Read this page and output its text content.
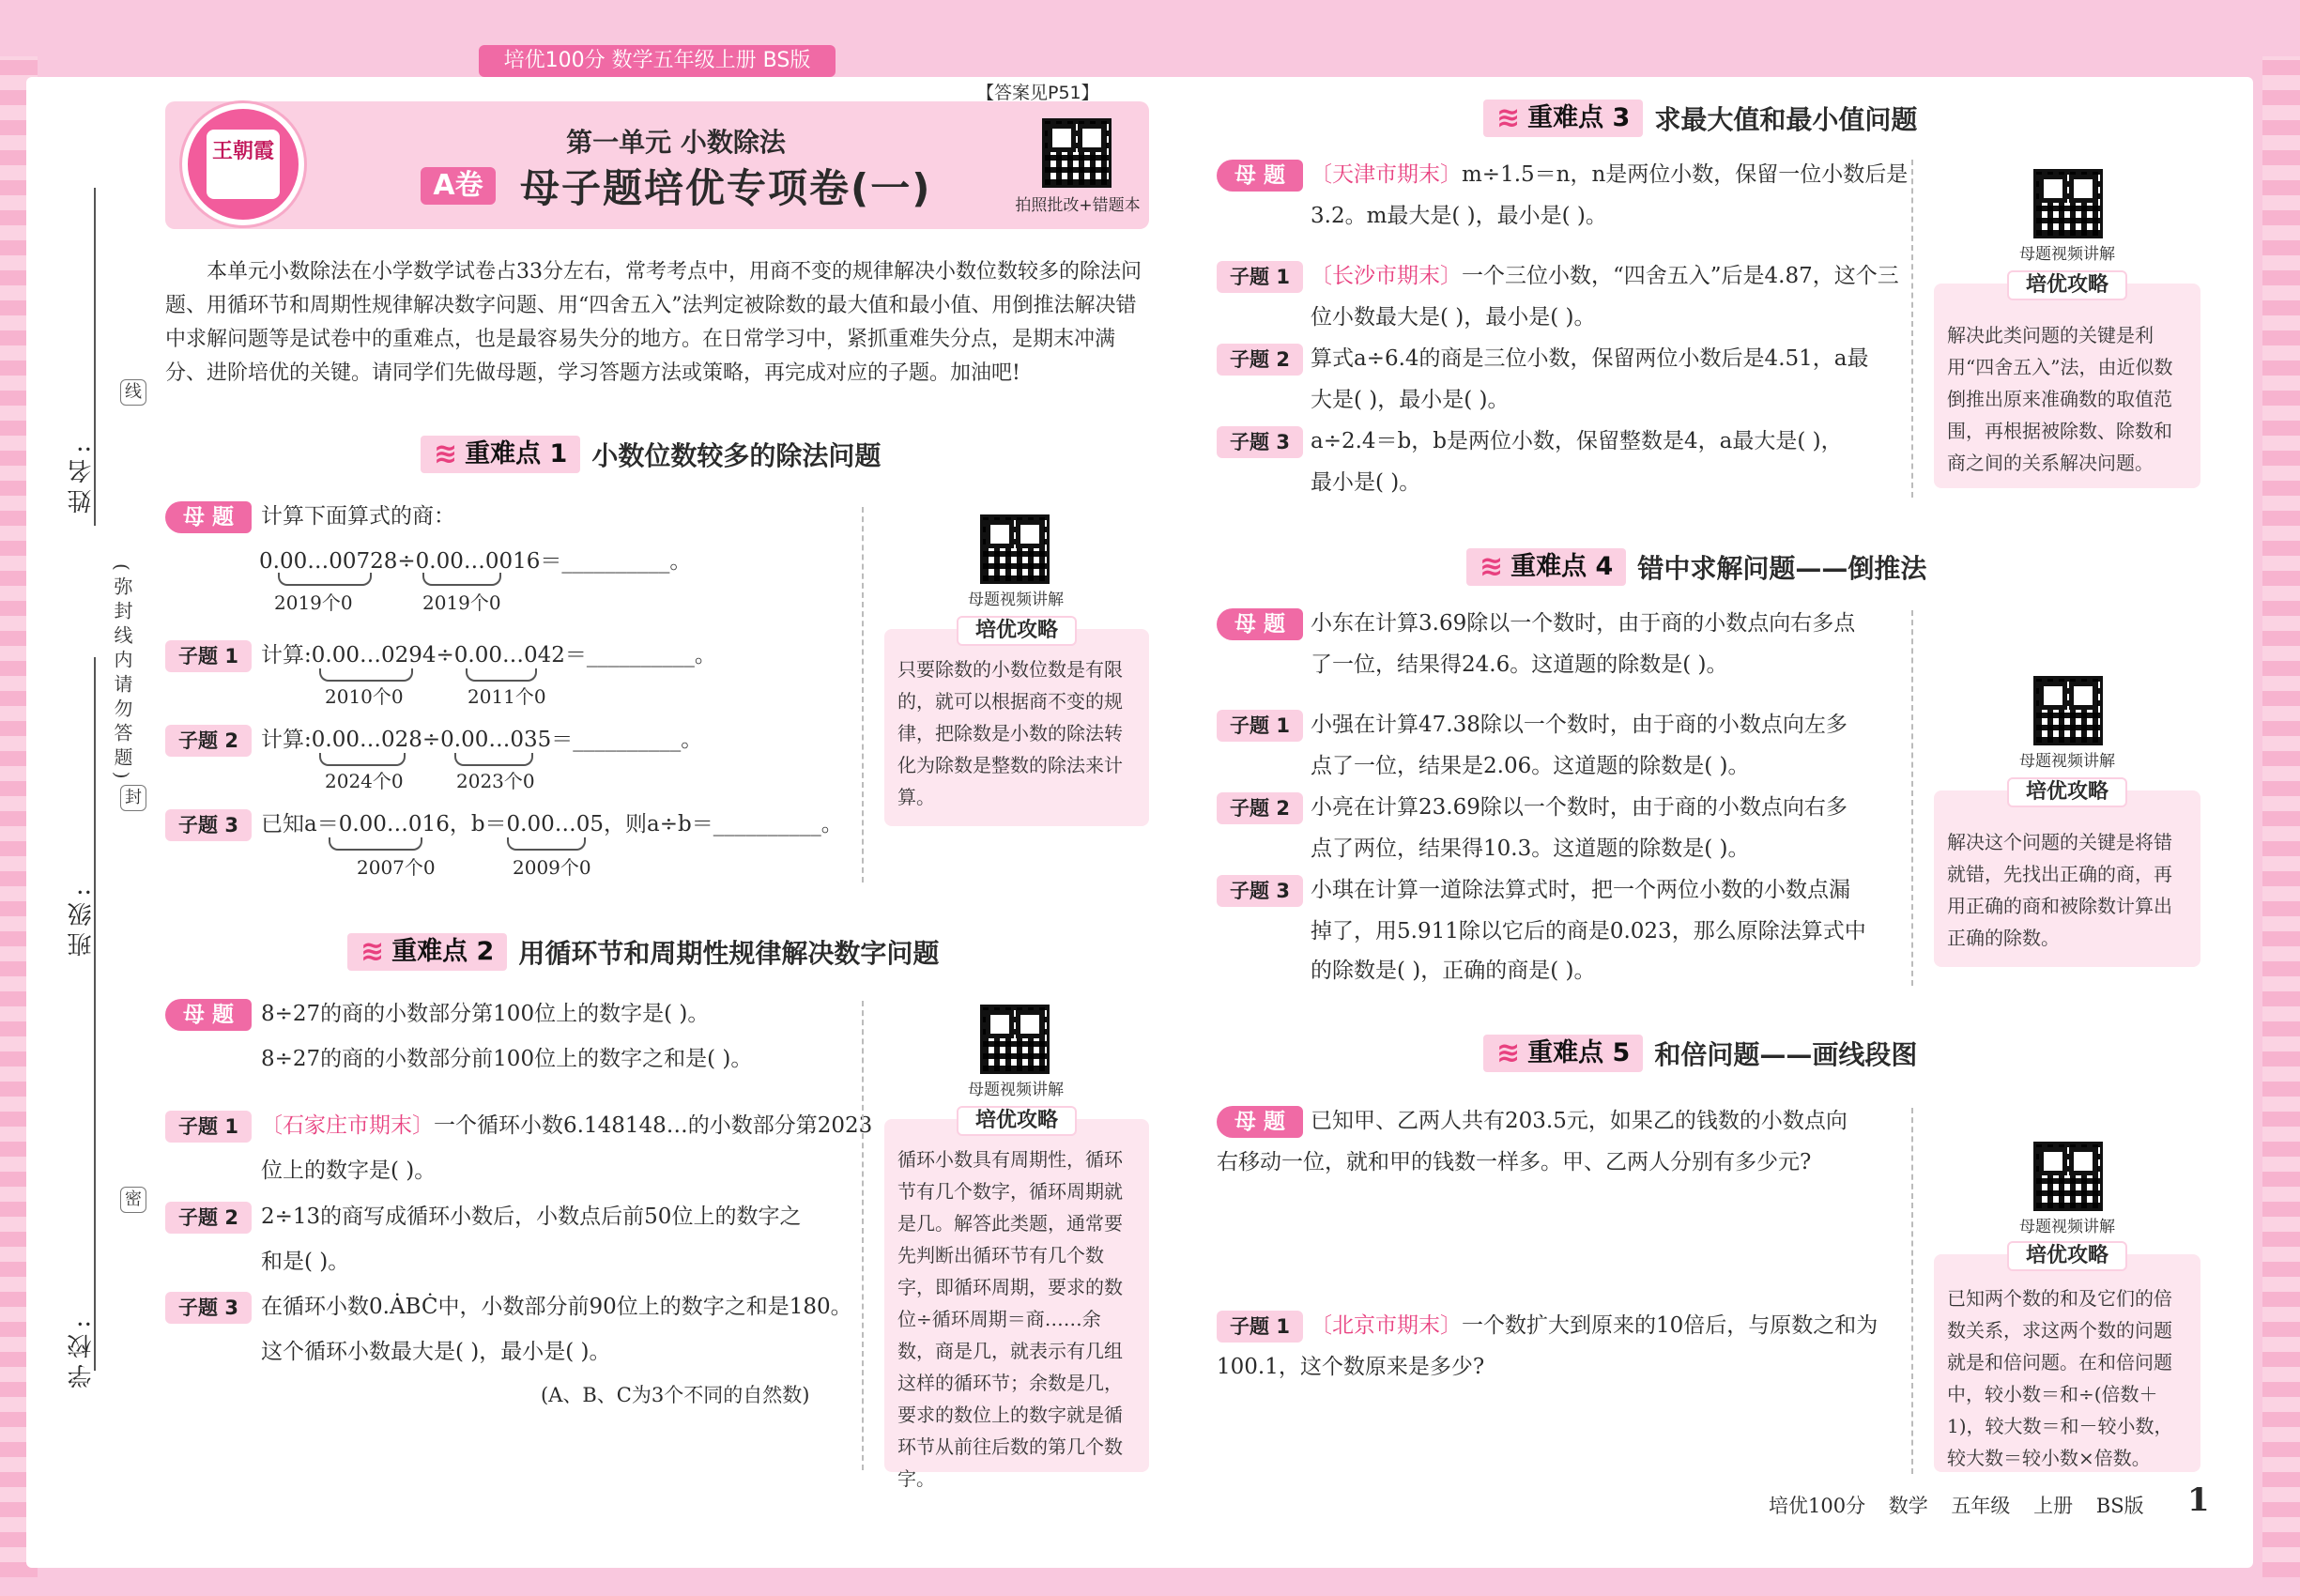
培优100分 数学五年级上册 BS版
姓名:
班级:
学校:
线
封
密
(弥封线内请勿答题)
王朝霞
【答案见P51】
第一单元 小数除法
A卷 母子题培优专项卷(一)	拍照批改+错题本
本单元小数除法在小学数学试卷占33分左右，常考考点中，用商不变的规律解决小数位数较多的除法问题、用循环节和周期性规律解决数字问题、用“四舍五入”法判定被除数的最大值和最小值、用倒推法解决错中求解问题等是试卷中的重难点，也是最容易失分的地方。在日常学习中，紧抓重难失分点，是期末冲满分、进阶培优的关键。请同学们先做母题，学习答题方法或策略，再完成对应的子题。加油吧!
≋ 重难点 1 小数位数较多的除法问题
母 题	计算下面算式的商：
0.00…00728÷0.00…0016＝__________。
2019个0	2019个0
子题 1	计算:0.00…0294÷0.00…042＝__________。
2010个0	2011个0
子题 2	计算:0.00…028÷0.00…035＝__________。
2024个0	2023个0
子题 3	已知a＝0.00…016，b＝0.00…05，则a÷b＝__________。
2007个0	2009个0
母题视频讲解
培优攻略
只要除数的小数位数是有限的，就可以根据商不变的规律，把除数是小数的除法转化为除数是整数的除法来计算。
≋ 重难点 2 用循环节和周期性规律解决数字问题
母 题	8÷27的商的小数部分第100位上的数字是( )。
8÷27的商的小数部分前100位上的数字之和是( )。
子题 1	〔石家庄市期末〕一个循环小数6.148148…的小数部分第2023
位上的数字是( )。
子题 2	2÷13的商写成循环小数后，小数点后前50位上的数字之
和是( )。
子题 3	在循环小数0.ȦBĊ中，小数部分前90位上的数字之和是180。
这个循环小数最大是( )，最小是( )。
(A、B、C为3个不同的自然数)
母题视频讲解
培优攻略
循环小数具有周期性，循环节有几个数字，循环周期就是几。解答此类题，通常要先判断出循环节有几个数字，即循环周期，要求的数位÷循环周期＝商……余数，商是几，就表示有几组这样的循环节；余数是几，要求的数位上的数字就是循环节从前往后数的第几个数字。
≋ 重难点 3 求最大值和最小值问题
母 题	〔天津市期末〕m÷1.5＝n，n是两位小数，保留一位小数后是
3.2。m最大是( )，最小是( )。
子题 1 〔长沙市期末〕一个三位小数，“四舍五入”后是4.87，这个三
位小数最大是( )，最小是( )。
子题 2 算式a÷6.4的商是三位小数，保留两位小数后是4.51，a最
大是( )，最小是( )。
子题 3 a÷2.4＝b，b是两位小数，保留整数是4，a最大是( )，
最小是( )。
母题视频讲解
培优攻略
解决此类问题的关键是利用“四舍五入”法，由近似数倒推出原来准确数的取值范围，再根据被除数、除数和商之间的关系解决问题。
≋ 重难点 4 错中求解问题——倒推法
母 题	小东在计算3.69除以一个数时，由于商的小数点向右多点
了一位，结果得24.6。这道题的除数是( )。
子题 1 小强在计算47.38除以一个数时，由于商的小数点向左多
点了一位，结果是2.06。这道题的除数是( )。
子题 2 小亮在计算23.69除以一个数时，由于商的小数点向右多
点了两位，结果得10.3。这道题的除数是( )。
子题 3 小琪在计算一道除法算式时，把一个两位小数的小数点漏
掉了，用5.911除以它后的商是0.023，那么原除法算式中
的除数是( )，正确的商是( )。
母题视频讲解
培优攻略
解决这个问题的关键是将错就错，先找出正确的商，再用正确的商和被除数计算出正确的除数。
≋ 重难点 5 和倍问题——画线段图
母 题	已知甲、乙两人共有203.5元，如果乙的钱数的小数点向
右移动一位，就和甲的钱数一样多。甲、乙两人分别有多少元?
子题 1 〔北京市期末〕一个数扩大到原来的10倍后，与原数之和为
100.1，这个数原来是多少?
母题视频讲解
培优攻略
已知两个数的和及它们的倍数关系，求这两个数的问题就是和倍问题。在和倍问题中，较小数＝和÷(倍数＋1)，较大数＝和－较小数，较大数＝较小数×倍数。
培优100分 数学 五年级 上册 BS版 1
